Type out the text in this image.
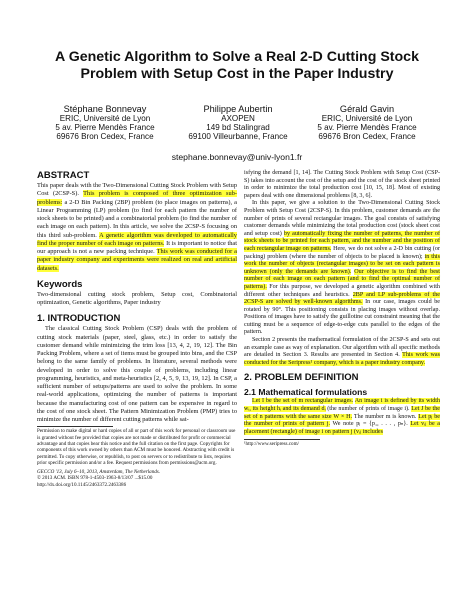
A Genetic Algorithm to Solve a Real 2-D Cutting Stock
Problem with Setup Cost in the Paper Industry
Stéphane Bonnevay
ERIC, Université de Lyon
5 av. Pierre Mendès France
69676 Bron Cedex, France
Philippe Aubertin
AXOPEN
149 bd Stalingrad
69100 Villeurbanne, France
Gérald Gavin
ERIC, Université de Lyon
5 av. Pierre Mendès France
69676 Bron Cedex, France
stephane.bonnevay@univ-lyon1.fr
ABSTRACT

This paper deals with the Two-Dimensional Cutting Stock Problem with Setup Cost (2CSP-S). This problem is composed of three optimization sub-problems: a 2-D Bin Packing (2BP) problem (to place images on patterns), a Linear Programming (LP) problem (to find for each pattern the number of stock sheets to be printed) and a combinatorial problem (to find the number of each image on each pattern). In this article, we solve the 2CSP-S focusing on this third sub-problem. A genetic algorithm was developed to automatically find the proper number of each image on patterns. It is important to notice that our approach is not a new packing technique. This work was conducted for a paper industry company and experiments were realized on real and artificial datasets.

Keywords

Two-dimensional cutting stock problem, Setup cost, Combinatorial optimization, Genetic algorithms, Paper industry

1. INTRODUCTION

The classical Cutting Stock Problem (CSP) deals with the problem of cutting stock materials (paper, steel, glass, etc.) in order to satisfy the customer demand while minimizing the trim loss [13, 4, 2, 19, 12]. The Bin Packing Problem, where a set of items must be grouped into bins, and the CSP belong to the same family of problems. In literature, several methods were developed in order to solve this couple of problems, including linear programming, heuristics, and meta-heuristics [2, 4, 5, 9, 13, 19, 12]. In CSP, a sufficient number of setups/patterns are used to solve the problem. In some real-world applications, optimizing the number of patterns is important because the manufacturing cost of one pattern can be expensive in regard to the cost of one stock sheet. The Pattern Minimization Problem (PMP) tries to minimize the number of different cutting patterns while sat-

Permission to make digital or hard copies of all or part of this work for personal or classroom use is granted without fee provided that copies are not made or distributed for profit or commercial advantage and that copies bear this notice and the full citation on the first page. Copyrights for components of this work owned by others than ACM must be honored. Abstracting with credit is permitted. To copy otherwise, or republish, to post on servers or to redistribute to lists, requires prior specific permission and/or a fee. Request permissions from permissions@acm.org.

GECCO '13, July 6–10, 2013, Amsterdam, The Netherlands.

© 2013 ACM. ISBN 978-1-4503-1963-8/13/07 ...$15.00

http://dx.doi.org/10.1145/2463372.2463386

isfying the demand [1, 14]. The Cutting Stock Problem with Setup Cost (CSP-S) takes into account the cost of the setup and the cost of the stock sheet printed in order to minimize the total production cost [10, 15, 18]. Most of existing papers deal with one dimensional problems [8, 3, 6].

In this paper, we give a solution to the Two-Dimensional Cutting Stock Problem with Setup Cost (2CSP-S). In this problem, customer demands are the number of prints of several rectangular images. The goal consists of satisfying customer demands while minimizing the total production cost (stock sheet cost and setup cost) by automatically fixing the number of patterns, the number of stock sheets to be printed for each pattern, and the number and the position of each rectangular image on patterns. Here, we do not solve a 2-D bin cutting (or packing) problem (where the number of objects to be placed is known); in this work the number of objects (rectangular images) to be set on each pattern is unknown (only the demands are known). Our objective is to find the best number of each image on each pattern (and to find the optimal number of patterns). For this purpose, we developed a genetic algorithm combined with different other techniques and heuristics. 2BP and LP sub-problems of the 2CSP-S are solved by well-known algorithms. In our case, images could be rotated by 90°. This positioning consists in placing images without overlap. Positions of images have to satisfy the guillotine cut constraint meaning that the cutting must be a sequence of edge-to-edge cuts parallel to the edges of the pattern.

Section 2 presents the mathematical formulation of the 2CSP-S and sets out an example case as way of explanation. Our algorithm with all specific methods are detailed in Section 3. Results are presented in Section 4. This work was conducted for the Seripress¹ company, which is a paper industry company.

2. PROBLEM DEFINITION
2.1 Mathematical formulations

Let I be the set of m rectangular images. An image i is defined by its width wᵢ, its height hᵢ and its demand dᵢ (the number of prints of image i). Let J be the set of n patterns with the same size W × H. The number m is known. Let pⱼ be the number of prints of pattern j. We note pⱼ = {p₁, . . . , pₙ}. Let vᵢⱼ be a placement (rectangle) of image i on pattern j (vᵢⱼ includes

¹http://www.seripress.com/
